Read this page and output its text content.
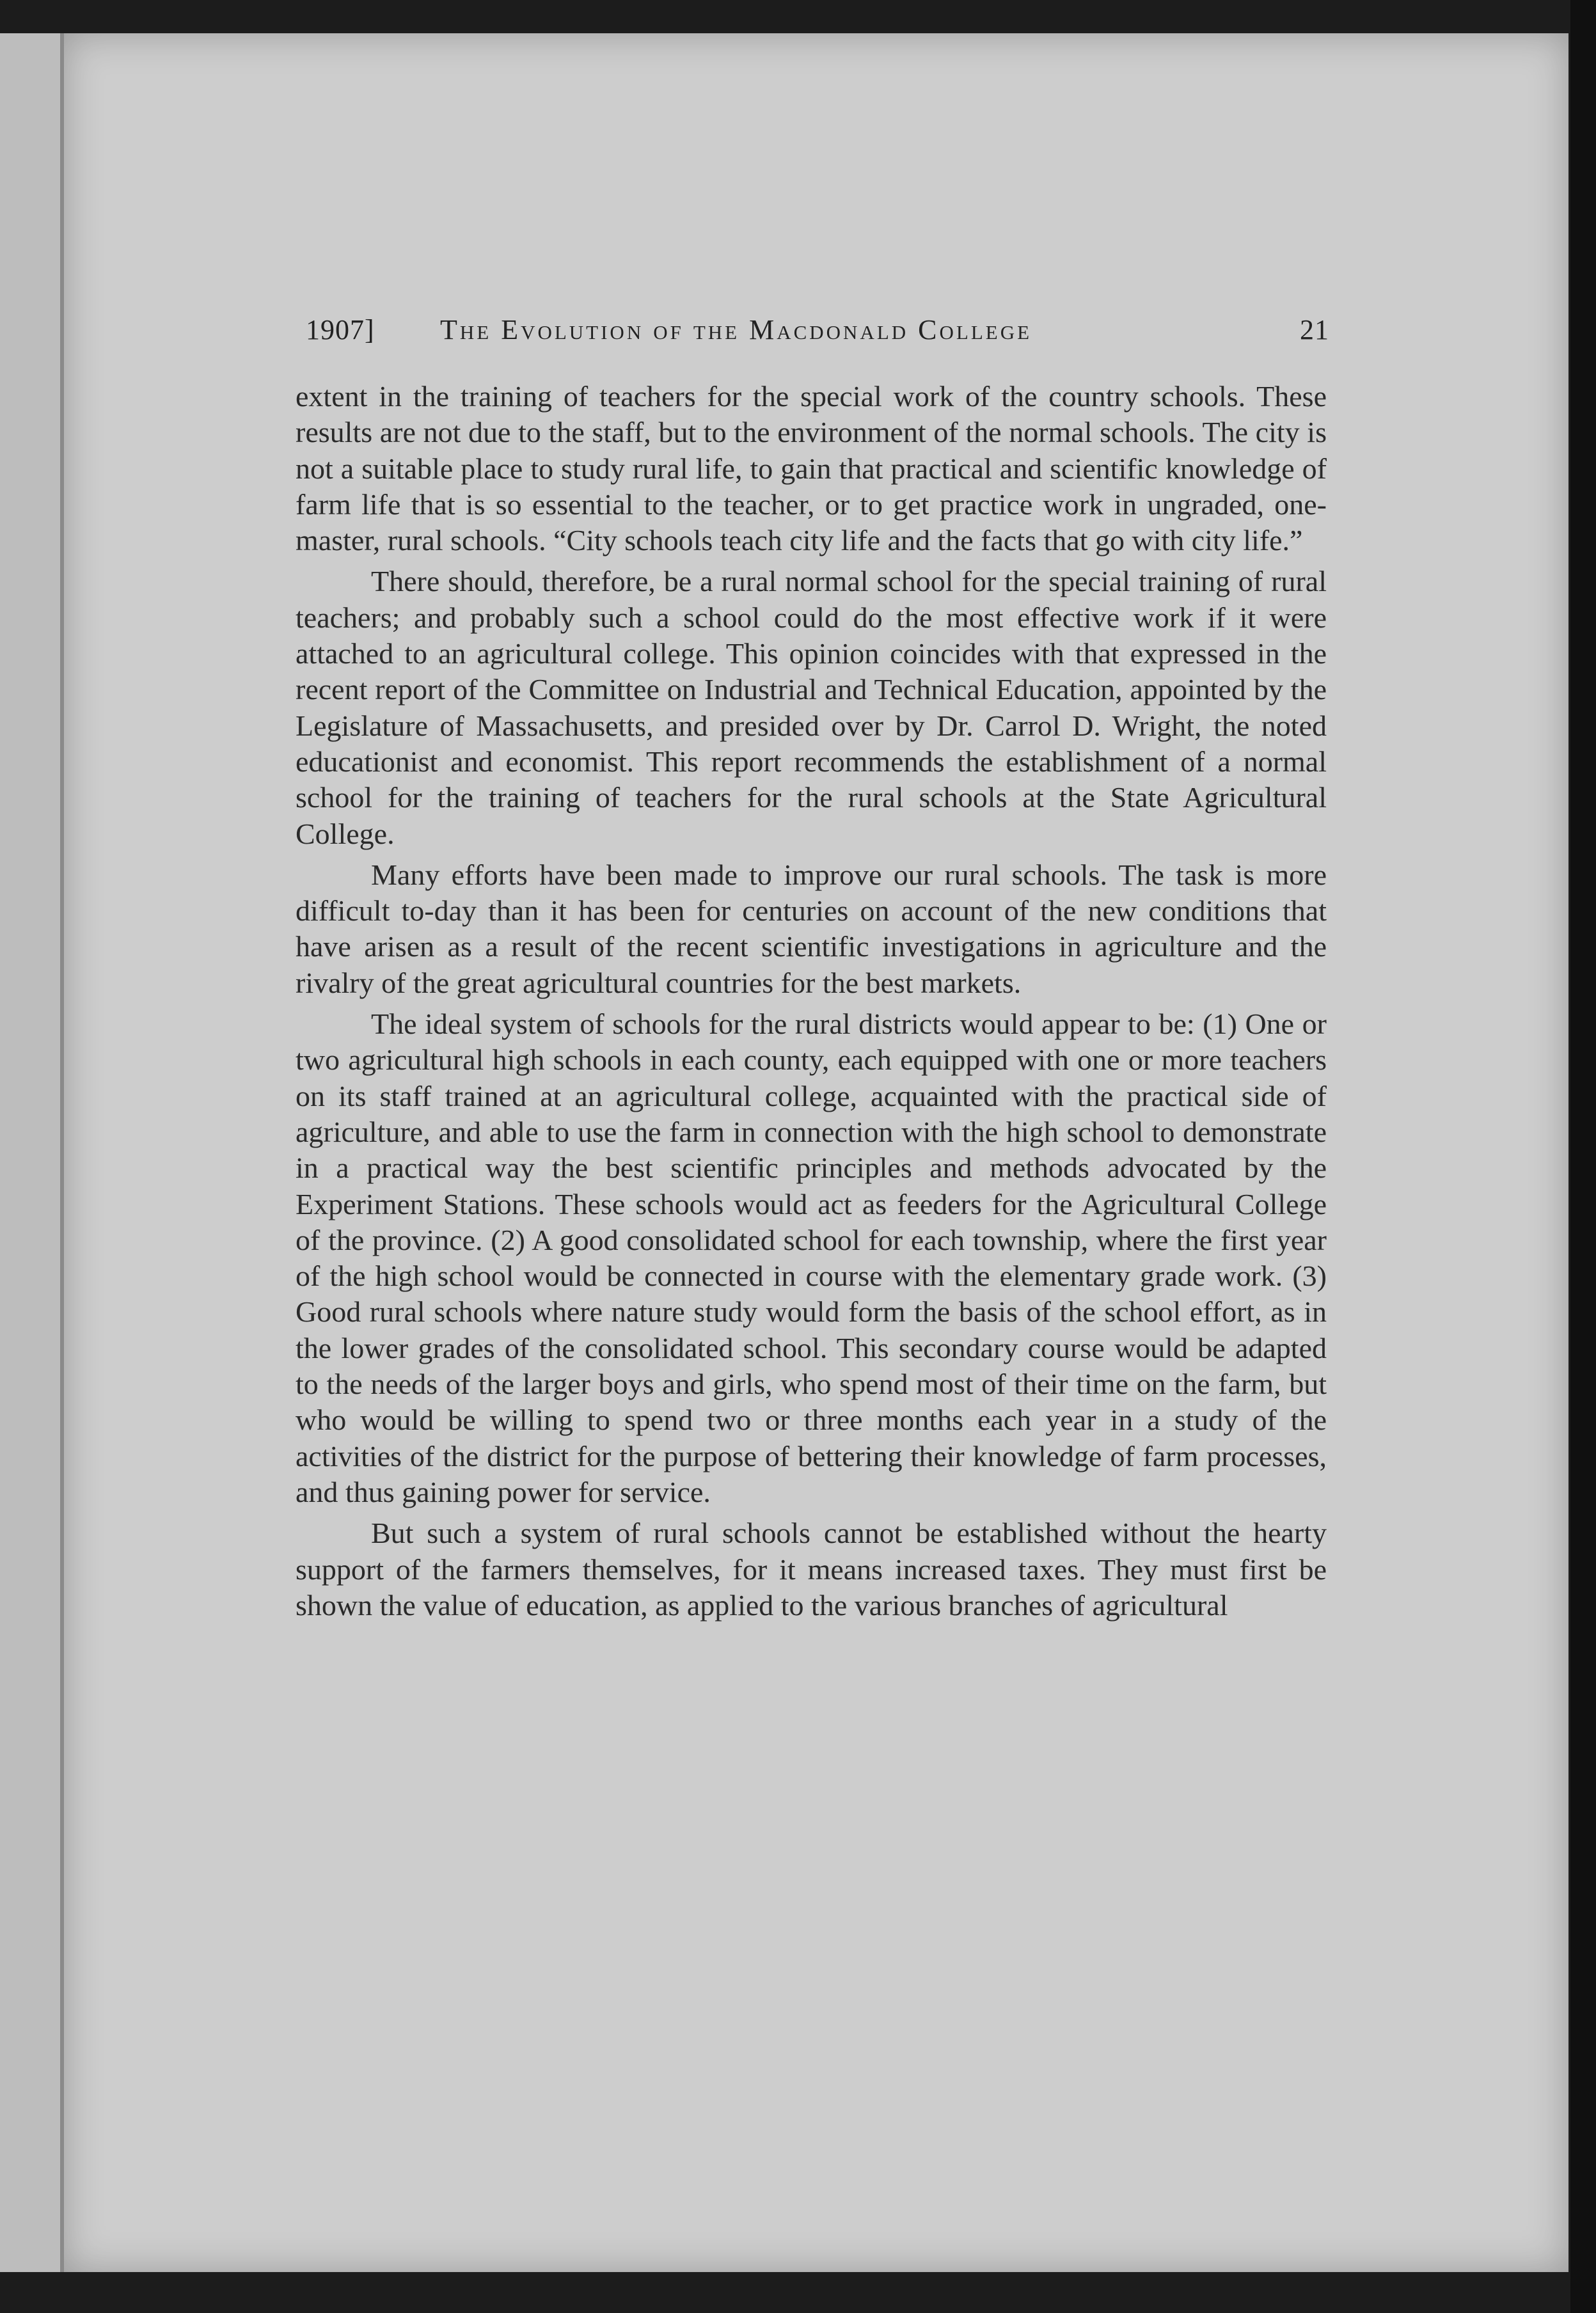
1907] The Evolution of the Macdonald College	21

extent in the training of teachers for the special work of the country schools. These results are not due to the staff, but to the environment of the normal schools. The city is not a suitable place to study rural life, to gain that practical and scientific knowledge of farm life that is so essential to the teacher, or to get practice work in ungraded, one-master, rural schools. “City schools teach city life and the facts that go with city life.”

There should, therefore, be a rural normal school for the special training of rural teachers; and probably such a school could do the most effective work if it were attached to an agricultural college. This opinion coincides with that expressed in the recent report of the Committee on Industrial and Technical Education, appointed by the Legislature of Massachusetts, and presided over by Dr. Carrol D. Wright, the noted educationist and economist. This report recommends the establishment of a normal school for the training of teachers for the rural schools at the State Agricultural College.

Many efforts have been made to improve our rural schools. The task is more difficult to-day than it has been for centuries on account of the new conditions that have arisen as a result of the recent scientific investigations in agriculture and the rivalry of the great agricultural countries for the best markets.

The ideal system of schools for the rural districts would appear to be: (1) One or two agricultural high schools in each county, each equipped with one or more teachers on its staff trained at an agricultural college, acquainted with the practical side of agriculture, and able to use the farm in connection with the high school to demonstrate in a practical way the best scientific principles and methods advocated by the Experiment Stations. These schools would act as feeders for the Agricultural College of the province. (2) A good consolidated school for each township, where the first year of the high school would be connected in course with the elementary grade work. (3) Good rural schools where nature study would form the basis of the school effort, as in the lower grades of the consolidated school. This secondary course would be adapted to the needs of the larger boys and girls, who spend most of their time on the farm, but who would be willing to spend two or three months each year in a study of the activities of the district for the purpose of bettering their knowledge of farm processes, and thus gaining power for service.

But such a system of rural schools cannot be established without the hearty support of the farmers themselves, for it means increased taxes. They must first be shown the value of education, as applied to the various branches of agricultural
